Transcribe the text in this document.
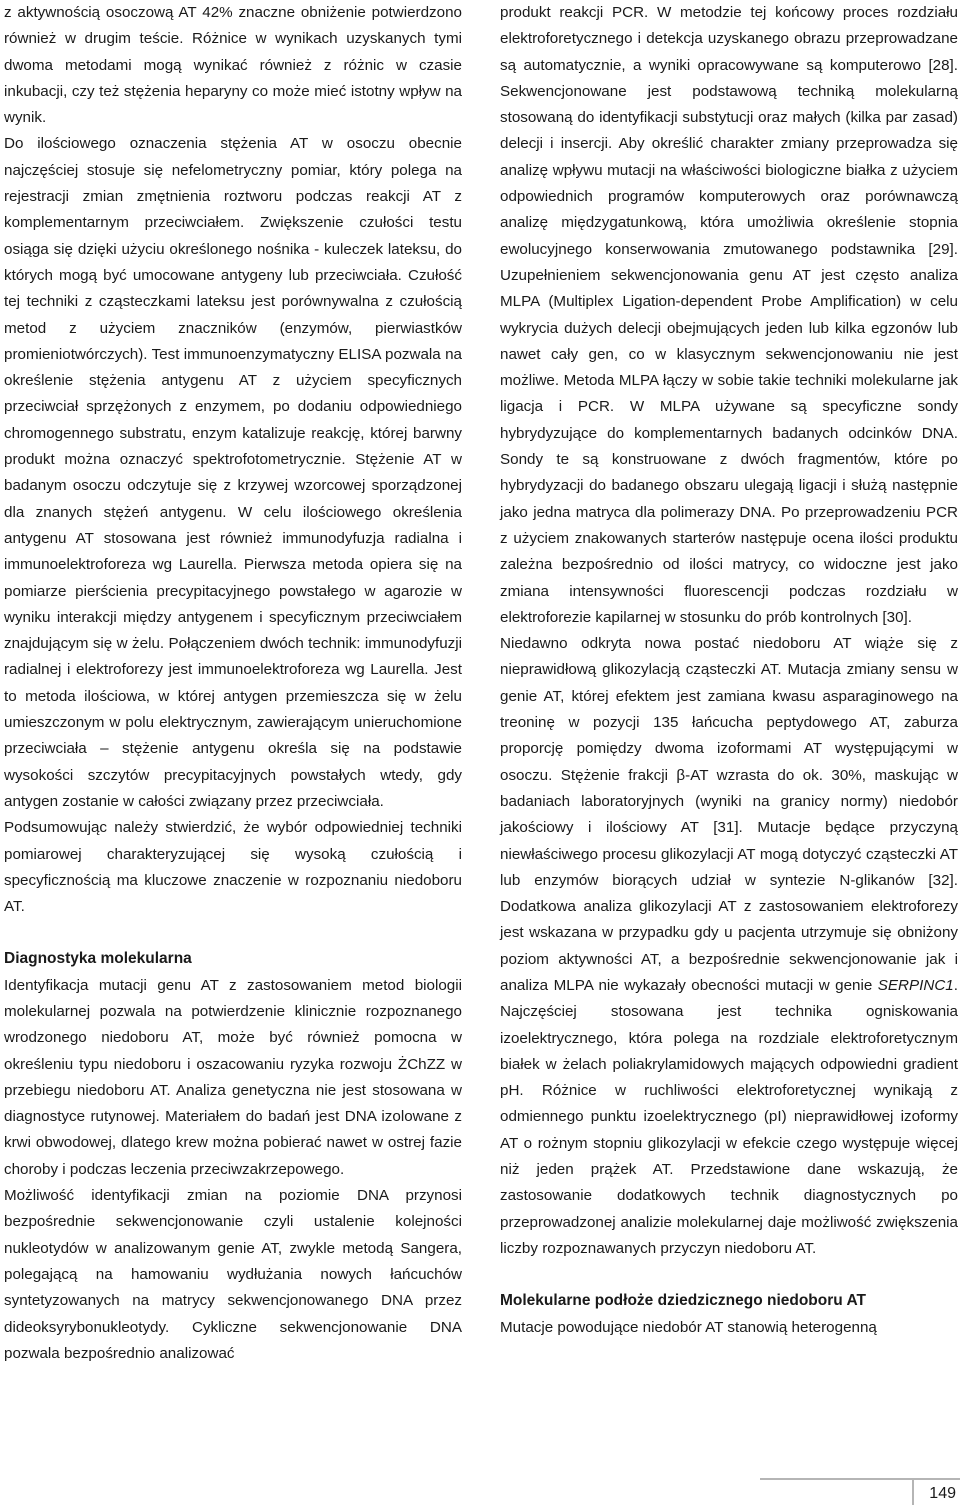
z aktywnością osoczową AT 42% znaczne obniżenie potwierdzono również w drugim teście. Różnice w wynikach uzyskanych tymi dwoma metodami mogą wynikać również z różnic w czasie inkubacji, czy też stężenia heparyny co może mieć istotny wpływ na wynik.

Do ilościowego oznaczenia stężenia AT w osoczu obecnie najczęściej stosuje się nefelometryczny pomiar, który polega na rejestracji zmian zmętnienia roztworu podczas reakcji AT z komplementarnym przeciwciałem. Zwiększenie czułości testu osiąga się dzięki użyciu określonego nośnika - kuleczek lateksu, do których mogą być umocowane antygeny lub przeciwciała. Czułość tej techniki z cząsteczkami lateksu jest porównywalna z czułością metod z użyciem znaczników (enzymów, pierwiastków promieniotwórczych). Test immunoenzymatyczny ELISA pozwala na określenie stężenia antygenu AT z użyciem specyficznych przeciwciał sprzężonych z enzymem, po dodaniu odpowiedniego chromogennego substratu, enzym katalizuje reakcję, której barwny produkt można oznaczyć spektrofotometrycznie. Stężenie AT w badanym osoczu odczytuje się z krzywej wzorcowej sporządzonej dla znanych stężeń antygenu. W celu ilościowego określenia antygenu AT stosowana jest również immunodyfuzja radialna i immunoelektroforeza wg Laurella. Pierwsza metoda opiera się na pomiarze pierścienia precypitacyjnego powstałego w agarozie w wyniku interakcji między antygenem i specyficznym przeciwciałem znajdującym się w żelu. Połączeniem dwóch technik: immunodyfuzji radialnej i elektroforezy jest immunoelektroforeza wg Laurella. Jest to metoda ilościowa, w której antygen przemieszcza się w żelu umieszczonym w polu elektrycznym, zawierającym unieruchomione przeciwciała – stężenie antygenu określa się na podstawie wysokości szczytów precypitacyjnych powstałych wtedy, gdy antygen zostanie w całości związany przez przeciwciała.

Podsumowując należy stwierdzić, że wybór odpowiedniej techniki pomiarowej charakteryzującej się wysoką czułością i specyficznością ma kluczowe znaczenie w rozpoznaniu niedoboru AT.

Diagnostyka molekularna

Identyfikacja mutacji genu AT z zastosowaniem metod biologii molekularnej pozwala na potwierdzenie klinicznie rozpoznanego wrodzonego niedoboru AT, może być również pomocna w określeniu typu niedoboru i oszacowaniu ryzyka rozwoju ŻChZZ w przebiegu niedoboru AT. Analiza genetyczna nie jest stosowana w diagnostyce rutynowej. Materiałem do badań jest DNA izolowane z krwi obwodowej, dlatego krew można pobierać nawet w ostrej fazie choroby i podczas leczenia przeciwzakrzepowego.

Możliwość identyfikacji zmian na poziomie DNA przynosi bezpośrednie sekwencjonowanie czyli ustalenie kolejności nukleotydów w analizowanym genie AT, zwykle metodą Sangera, polegającą na hamowaniu wydłużania nowych łańcuchów syntetyzowanych na matrycy sekwencjonowanego DNA przez dideoksyrybonukleotydy. Cykliczne sekwencjonowanie DNA pozwala bezpośrednio analizować

produkt reakcji PCR. W metodzie tej końcowy proces rozdziału elektroforetycznego i detekcja uzyskanego obrazu przeprowadzane są automatycznie, a wyniki opracowywane są komputerowo [28]. Sekwencjonowane jest podstawową techniką molekularną stosowaną do identyfikacji substytucji oraz małych (kilka par zasad) delecji i insercji. Aby określić charakter zmiany przeprowadza się analizę wpływu mutacji na właściwości biologiczne białka z użyciem odpowiednich programów komputerowych oraz porównawczą analizę międzygatunkową, która umożliwia określenie stopnia ewolucyjnego konserwowania zmutowanego podstawnika [29]. Uzupełnieniem sekwencjonowania genu AT jest często analiza MLPA (Multiplex Ligation-dependent Probe Amplification) w celu wykrycia dużych delecji obejmujących jeden lub kilka egzonów lub nawet cały gen, co w klasycznym sekwencjonowaniu nie jest możliwe. Metoda MLPA łączy w sobie takie techniki molekularne jak ligacja i PCR. W MLPA używane są specyficzne sondy hybrydyzujące do komplementarnych badanych odcinków DNA. Sondy te są konstruowane z dwóch fragmentów, które po hybrydyzacji do badanego obszaru ulegają ligacji i służą następnie jako jedna matryca dla polimerazy DNA. Po przeprowadzeniu PCR z użyciem znakowanych starterów następuje ocena ilości produktu zależna bezpośrednio od ilości matrycy, co widoczne jest jako zmiana intensywności fluorescencji podczas rozdziału w elektroforezie kapilarnej w stosunku do prób kontrolnych [30].

Niedawno odkryta nowa postać niedoboru AT wiąże się z nieprawidłową glikozylacją cząsteczki AT. Mutacja zmiany sensu w genie AT, której efektem jest zamiana kwasu asparaginowego na treoninę w pozycji 135 łańcucha peptydowego AT, zaburza proporcję pomiędzy dwoma izoformami AT występującymi w osoczu. Stężenie frakcji β-AT wzrasta do ok. 30%, maskując w badaniach laboratoryjnych (wyniki na granicy normy) niedobór jakościowy i ilościowy AT [31]. Mutacje będące przyczyną niewłaściwego procesu glikozylacji AT mogą dotyczyć cząsteczki AT lub enzymów biorących udział w syntezie N-glikanów [32]. Dodatkowa analiza glikozylacji AT z zastosowaniem elektroforezy jest wskazana w przypadku gdy u pacjenta utrzymuje się obniżony poziom aktywności AT, a bezpośrednie sekwencjonowanie jak i analiza MLPA nie wykazały obecności mutacji w genie SERPINC1. Najczęściej stosowana jest technika ogniskowania izoelektrycznego, która polega na rozdziale elektroforetycznym białek w żelach poliakrylamidowych mających odpowiedni gradient pH. Różnice w ruchliwości elektroforetycznej wynikają z odmiennego punktu izoelektrycznego (pI) nieprawidłowej izoformy AT o rożnym stopniu glikozylacji w efekcie czego występuje więcej niż jeden prążek AT. Przedstawione dane wskazują, że zastosowanie dodatkowych technik diagnostycznych po przeprowadzonej analizie molekularnej daje możliwość zwiększenia liczby rozpoznawanych przyczyn niedoboru AT.

Molekularne podłoże dziedzicznego niedoboru AT

Mutacje powodujące niedobór AT stanowią heterogenną

149
